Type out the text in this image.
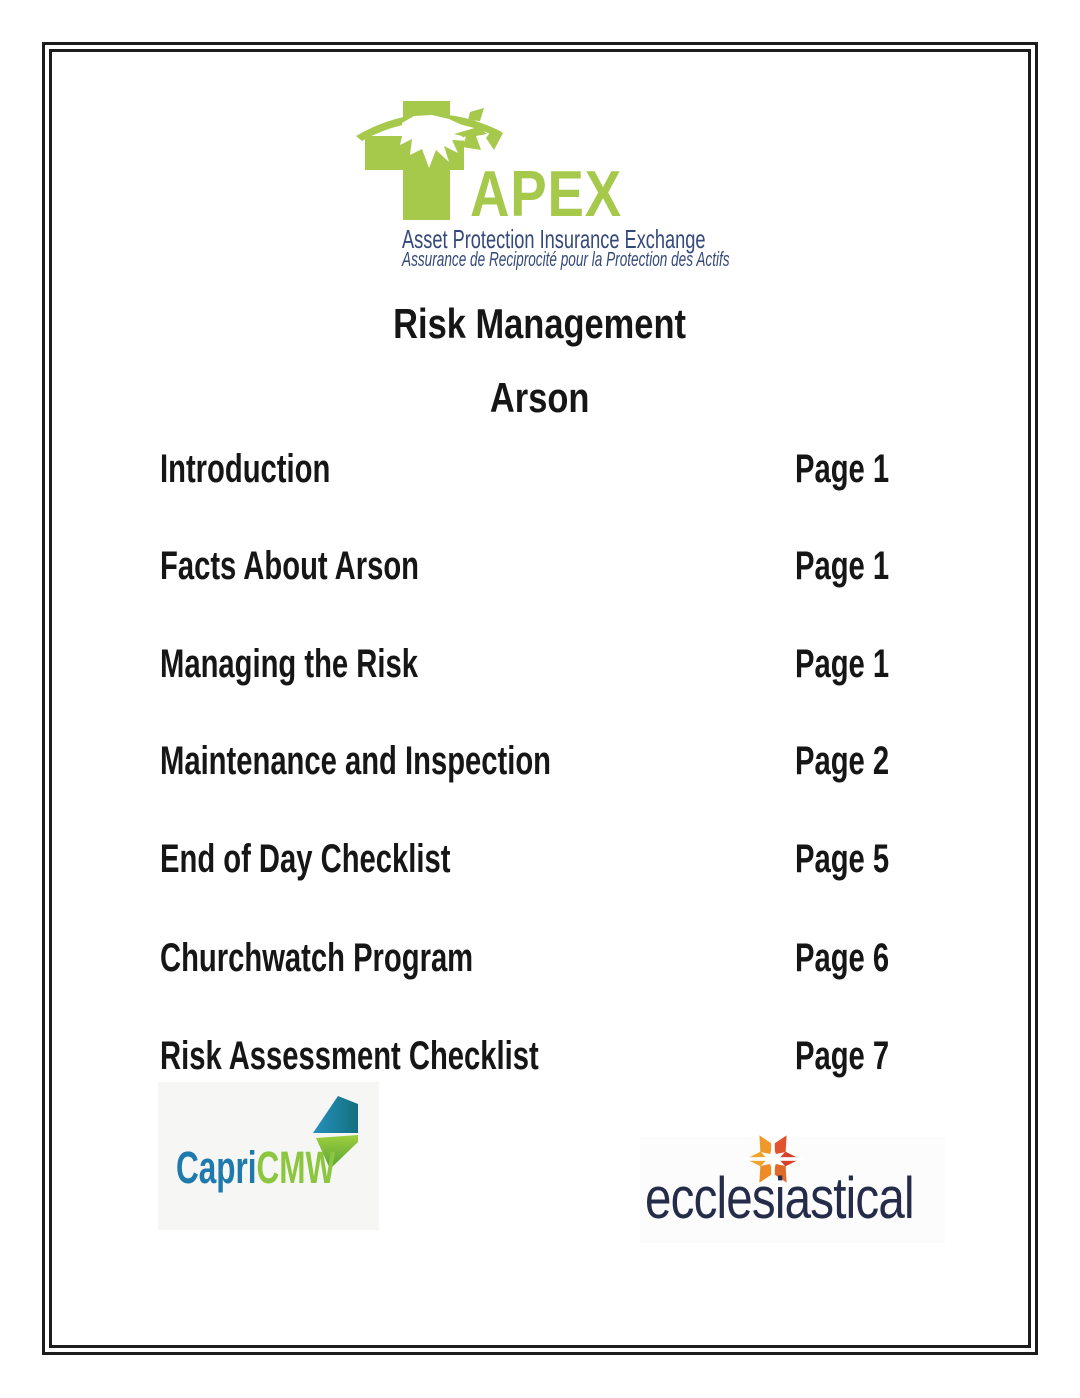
APEX
Asset Protection Insurance Exchange
Assurance de Reciprocité pour la Protection des Actifs
Risk Management
Arson
Introduction	Page 1
Facts About Arson	Page 1
Managing the Risk	Page 1
Maintenance and Inspection	Page 2
End of Day Checklist	Page 5
Churchwatch Program	Page 6
Risk Assessment Checklist	Page 7
CapriCMW	ecclesiastical
